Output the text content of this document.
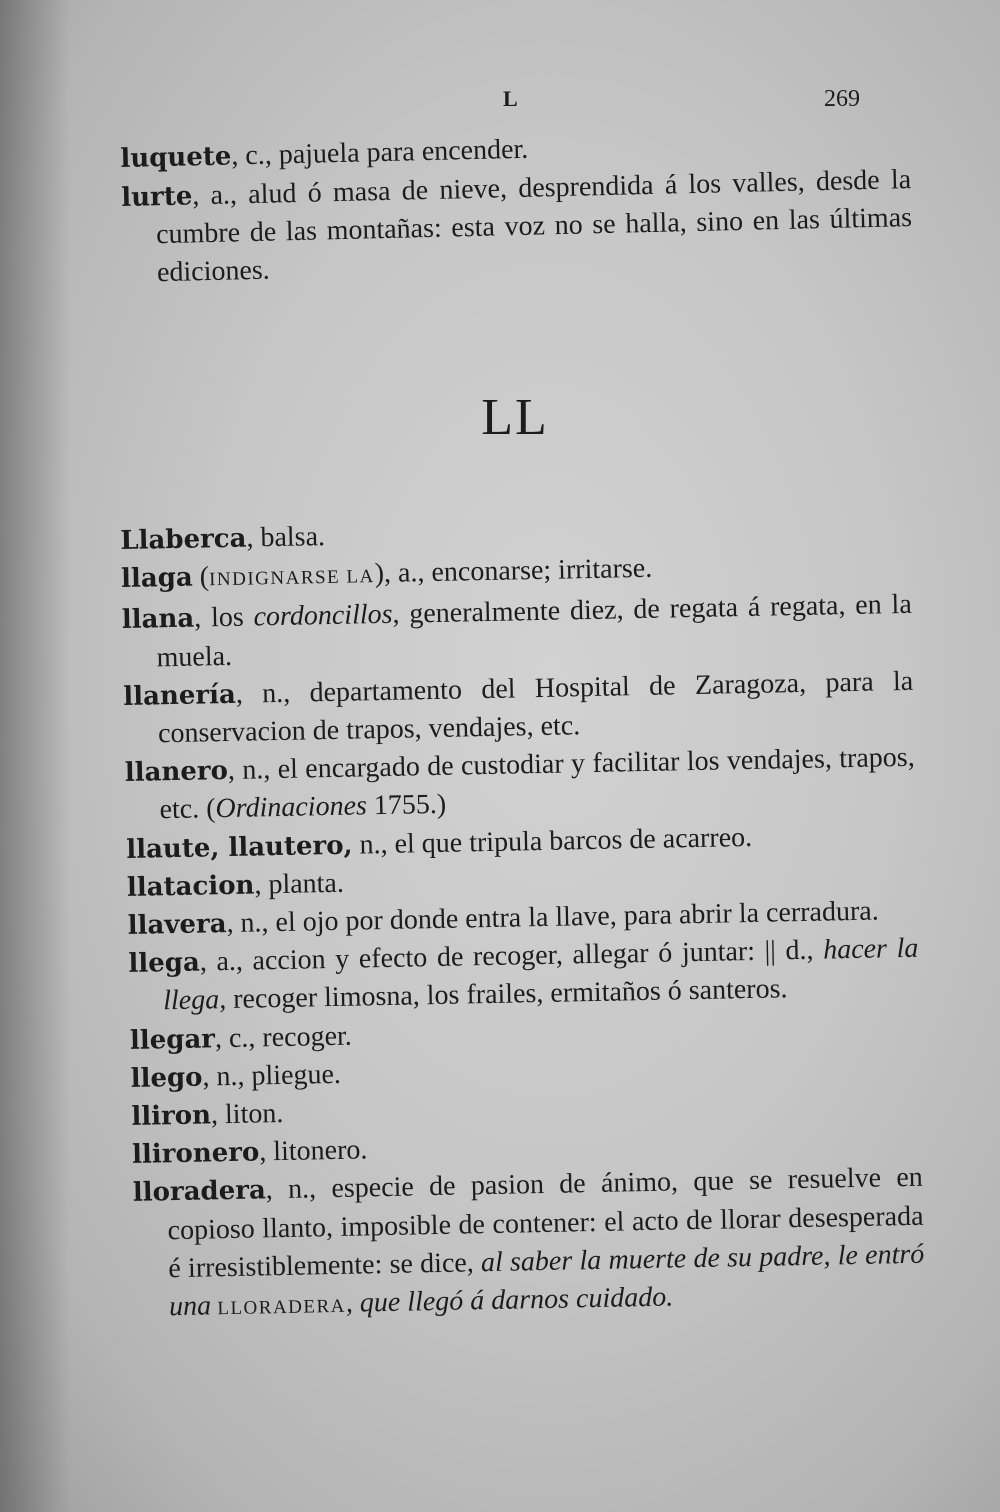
L	269

luquete, c., pajuela para encender.

lurte, a., alud ó masa de nieve, desprendida á los valles, desde la cumbre de las montañas: esta voz no se halla, sino en las últimas ediciones.

LL

Llaberca, balsa.

llaga (INDIGNARSE LA), a., enconarse; irritarse.

llana, los cordoncillos, generalmente diez, de regata á regata, en la muela.

llanería, n., departamento del Hospital de Zaragoza, para la conservacion de trapos, vendajes, etc.

llanero, n., el encargado de custodiar y facilitar los vendajes, trapos, etc. (Ordinaciones 1755.)

llaute, llautero, n., el que tripula barcos de acarreo.

llatacion, planta.

llavera, n., el ojo por donde entra la llave, para abrir la cerradura.

llega, a., accion y efecto de recoger, allegar ó juntar: || d., hacer la llega, recoger limosna, los frailes, ermitaños ó santeros.

llegar, c., recoger.

llego, n., pliegue.

lliron, liton.

llironero, litonero.

lloradera, n., especie de pasion de ánimo, que se resuelve en copioso llanto, imposible de contener: el acto de llorar desesperada é irresistiblemente: se dice, al saber la muerte de su padre, le entró una LLORADERA, que llegó á darnos cuidado.
